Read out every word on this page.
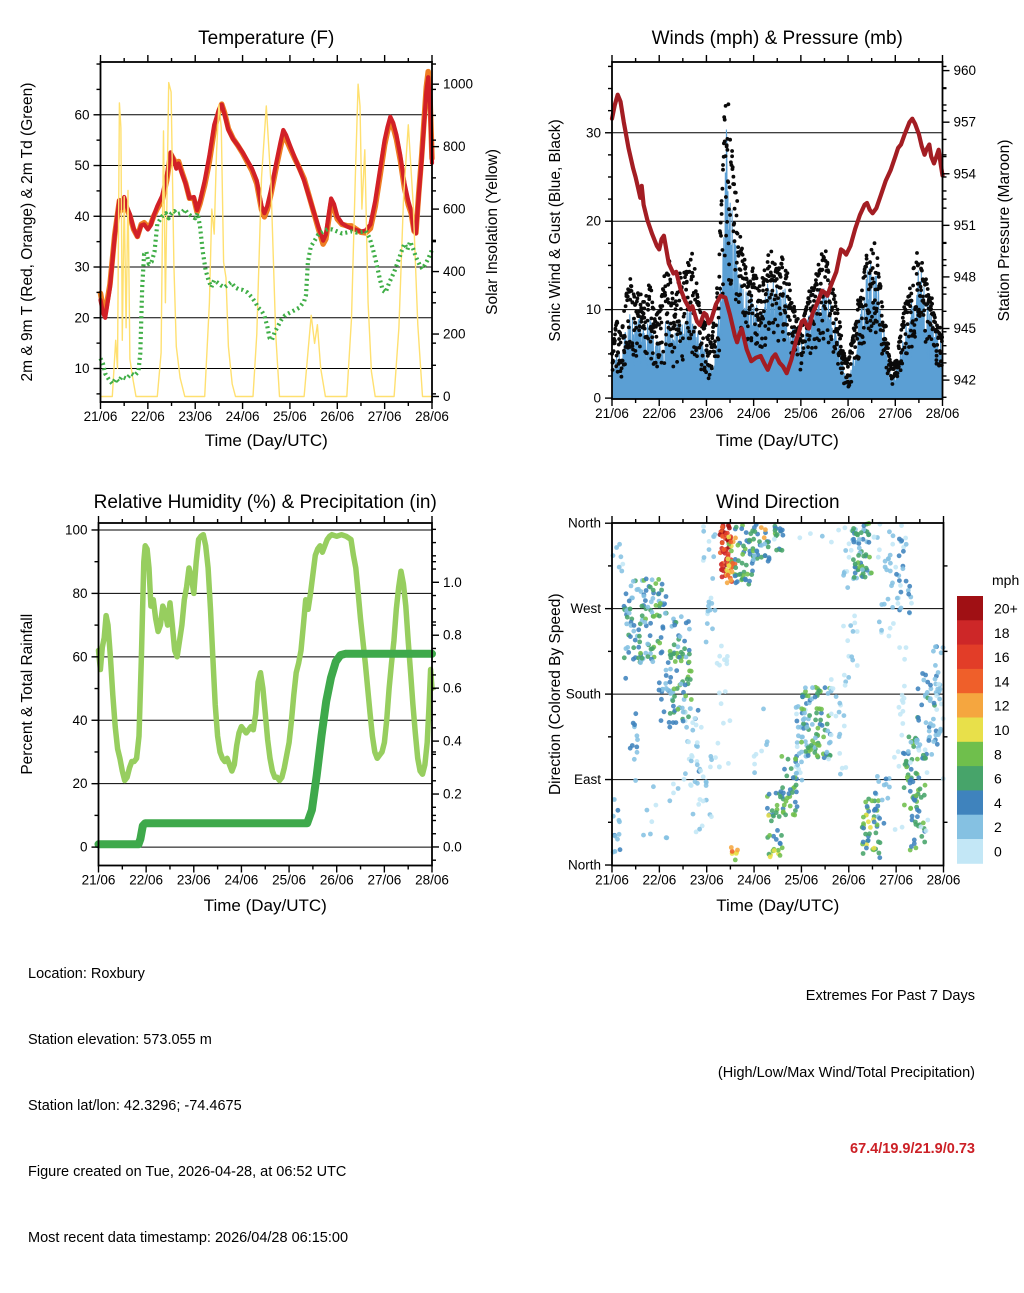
21/06 22/06 23/06 24/06 25/06 26/06 27/06 28/06
10
20
30
40
50
60
0
200
400
600
800
1000
Temperature (F)
Time (Day/UTC)
2m & 9m T (Red, Orange) & 2m Td (Green)	Solar Insolation (Yellow)
21/06 22/06 23/06 24/06 25/06 26/06 27/06 28/06
0
10
20
30
942
945
948
951
954
957
960
Winds (mph) & Pressure (mb)
Time (Day/UTC)
Sonic Wind & Gust (Blue, Black)	Station Pressure (Maroon)
21/06 22/06 23/06 24/06 25/06 26/06 27/06 28/06
0
20
40
60
80
100
0.0
0.2
0.4
0.6
0.8
1.0
Relative Humidity (%) & Precipitation (in)
Time (Day/UTC)
Percent & Total Rainfall
21/06 22/06 23/06 24/06 25/06 26/06 27/06 28/06
North
West
South
East
North
Wind Direction
Time (Day/UTC)
Direction (Colored By Speed)
mph
20+
18
16
14
12
10
8
6
4
2
0

Location: Roxbury

Station elevation: 573.055 m

Station lat/lon: 42.3296; -74.4675

Figure created on Tue, 2026-04-28, at 06:52 UTC

Most recent data timestamp: 2026/04/28 06:15:00

Extremes For Past 7 Days

(High/Low/Max Wind/Total Precipitation)

67.4/19.9/21.9/0.73
